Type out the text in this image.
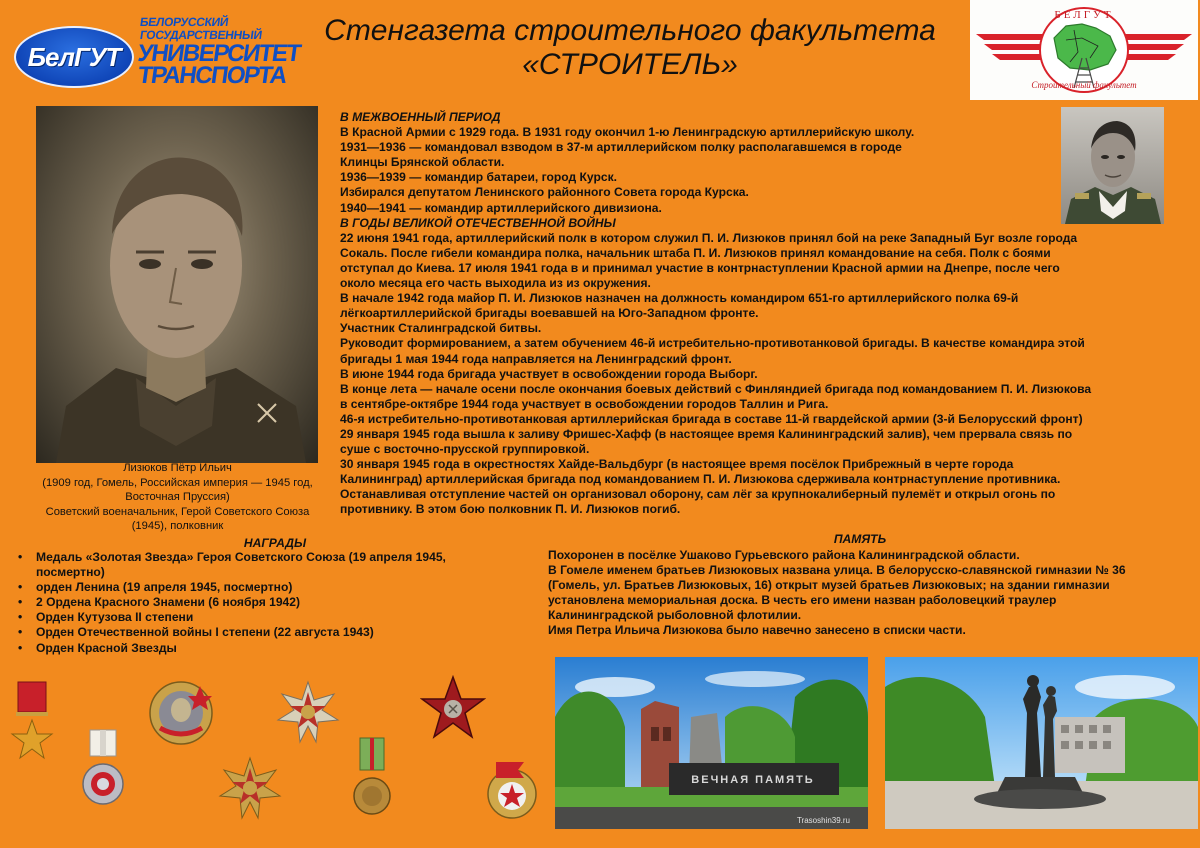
БелГУТ
БЕЛОРУССКИЙ
ГОСУДАРСТВЕННЫЙ
УНИВЕРСИТЕТ
ТРАНСПОРТА
Стенгазета строительного факультета
«СТРОИТЕЛЬ»
БЕЛГУТ
Строительный факультет
Лизюков Пётр Ильич
(1909 год, Гомель, Российская империя — 1945 год,
Восточная Пруссия)
Советский военачальник, Герой Советского Союза
(1945), полковник

В МЕЖВОЕННЫЙ ПЕРИОД

В Красной Армии с 1929 года. В 1931 году окончил 1-ю Ленинградскую артиллерийскую школу.

1931—1936 — командовал взводом в 37-м артиллерийском полку располагавшемся в городе

Клинцы Брянской области.

1936—1939 — командир батареи, город Курск.

Избирался депутатом Ленинского районного Совета города Курска.

1940—1941 — командир артиллерийского дивизиона.

В ГОДЫ ВЕЛИКОЙ ОТЕЧЕСТВЕННОЙ ВОЙНЫ

22 июня 1941 года, артиллерийский полк в котором служил П. И. Лизюков принял бой на реке Западный Буг возле города

Сокаль. После гибели командира полка, начальник штаба П. И. Лизюков принял командование на себя. Полк с боями

отступал до Киева. 17 июля 1941 года в и принимал участие в контрнаступлении Красной армии на Днепре, после чего

около месяца его часть выходила из из окружения.

В начале 1942 года майор П. И. Лизюков назначен на должность командиром 651-го артиллерийского полка 69-й

лёгкоартиллерийской бригады воевавшей на Юго-Западном фронте.

Участник Сталинградской битвы.

Руководит формированием, а затем обучением 46-й истребительно-противотанковой бригады. В качестве командира этой

бригады 1 мая 1944 года направляется на Ленинградский фронт.

В июне 1944 года бригада участвует в освобождении города Выборг.

В конце лета — начале осени после окончания боевых действий с Финляндией бригада под командованием П. И. Лизюкова

в сентябре-октябре 1944 года участвует в освобождении городов Таллин и Рига.

46-я истребительно-противотанковая артиллерийская бригада в составе 11-й гвардейской армии (3-й Белорусский фронт)

29 января 1945 года вышла к заливу Фришес-Хафф (в настоящее время Калининградский залив), чем прервала связь по

суше с восточно-прусской группировкой.

30 января 1945 года в окрестностях Хайде-Вальдбург (в настоящее время посёлок Прибрежный в черте города

Калининград) артиллерийская бригада под командованием П. И. Лизюкова сдерживала контрнаступление противника.

Останавливая отступление частей он организовал оборону, сам лёг за крупнокалиберный пулемёт и открыл огонь по

противнику. В этом бою полковник П. И. Лизюков погиб.

НАГРАДЫ
• Медаль «Золотая Звезда» Героя Советского Союза (19 апреля 1945,
посмертно)
• орден Ленина (19 апреля 1945, посмертно)
• 2 Ордена Красного Знамени (6 ноября 1942)
• Орден Кутузова II степени
• Орден Отечественной войны I степени (22 августа 1943)
• Орден Красной Звезды
ПАМЯТЬ

Похоронен в посёлке Ушаково Гурьевского района Калининградской области.

В Гомеле именем братьев Лизюковых названа улица. В белорусско-славянской гимназии № 36

(Гомель, ул. Братьев Лизюковых, 16) открыт музей братьев Лизюковых; на здании гимназии

установлена мемориальная доска. В честь его имени назван раболовецкий траулер

Калининградской рыболовной флотилии.

Имя Петра Ильича Лизюкова было навечно занесено в списки части.

ВЕЧНАЯ ПАМЯТЬ
Trasoshin39.ru
